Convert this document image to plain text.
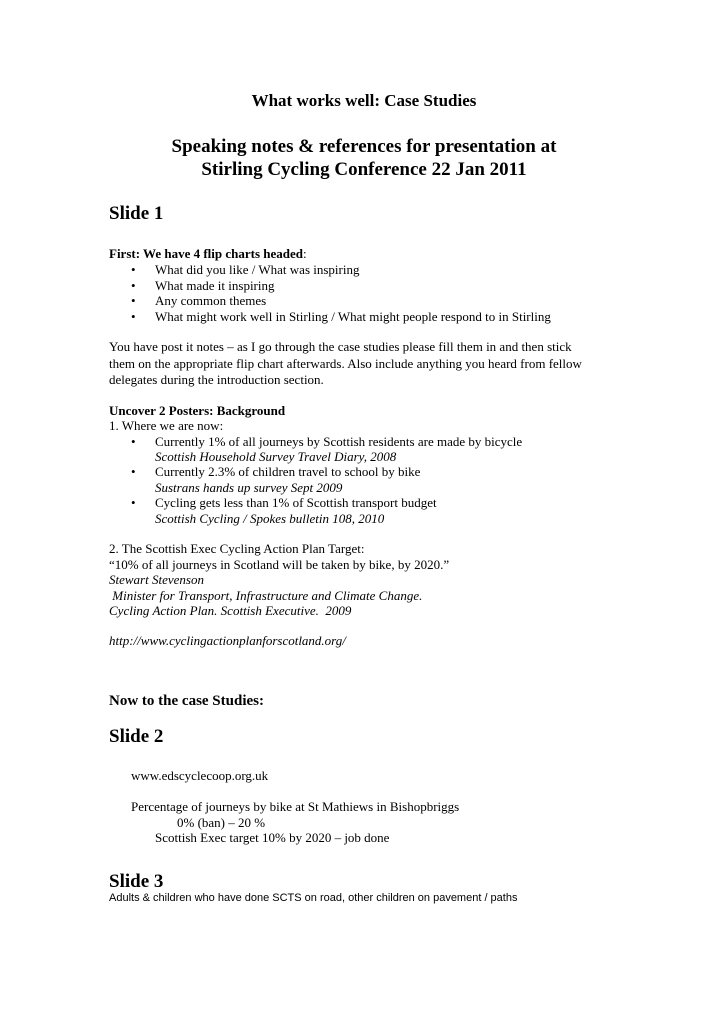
What works well: Case Studies
Speaking notes & references for presentation at
Stirling Cycling Conference 22 Jan 2011
Slide 1
First: We have 4 flip charts headed:
• What did you like / What was inspiring
• What made it inspiring
• Any common themes
• What might work well in Stirling / What might people respond to in Stirling
You have post it notes – as I go through the case studies please fill them in and then stick
them on the appropriate flip chart afterwards. Also include anything you heard from fellow
delegates during the introduction section.
Uncover 2 Posters: Background
1. Where we are now:
• Currently 1% of all journeys by Scottish residents are made by bicycle
Scottish Household Survey Travel Diary, 2008
• Currently 2.3% of children travel to school by bike
Sustrans hands up survey Sept 2009
• Cycling gets less than 1% of Scottish transport budget
Scottish Cycling / Spokes bulletin 108, 2010
2. The Scottish Exec Cycling Action Plan Target:
“10% of all journeys in Scotland will be taken by bike, by 2020.”
Stewart Stevenson
Minister for Transport, Infrastructure and Climate Change.
Cycling Action Plan. Scottish Executive.  2009
http://www.cyclingactionplanforscotland.org/
Now to the case Studies:
Slide 2
www.edscyclecoop.org.uk
Percentage of journeys by bike at St Mathiews in Bishopbriggs
0% (ban) – 20 %
Scottish Exec target 10% by 2020 – job done
Slide 3
Adults & children who have done SCTS on road, other children on pavement / paths
